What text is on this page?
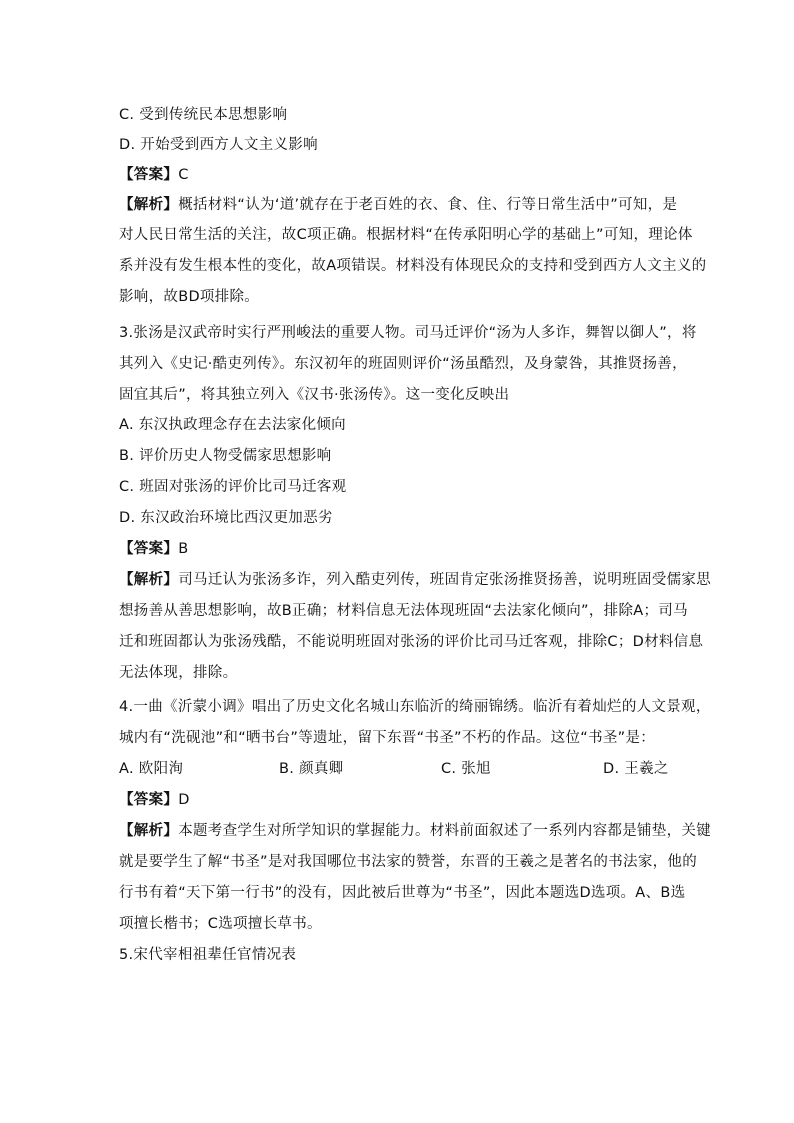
C. 受到传统民本思想影响
D. 开始受到西方人文主义影响
【答案】C
【解析】概括材料“认为‘道’就存在于老百姓的衣、食、住、行等日常生活中”可知，是
对人民日常生活的关注，故C项正确。根据材料“在传承阳明心学的基础上”可知，理论体
系并没有发生根本性的变化，故A项错误。材料没有体现民众的支持和受到西方人文主义的
影响，故BD项排除。
3.张汤是汉武帝时实行严刑峻法的重要人物。司马迁评价“汤为人多诈，舞智以御人”，将
其列入《史记·酷吏列传》。东汉初年的班固则评价“汤虽酷烈，及身蒙咎，其推贤扬善，
固宜其后”，将其独立列入《汉书·张汤传》。这一变化反映出
A. 东汉执政理念存在去法家化倾向
B. 评价历史人物受儒家思想影响
C. 班固对张汤的评价比司马迁客观
D. 东汉政治环境比西汉更加恶劣
【答案】B
【解析】司马迁认为张汤多诈，列入酷吏列传，班固肯定张汤推贤扬善，说明班固受儒家思
想扬善从善思想影响，故B正确；材料信息无法体现班固“去法家化倾向”，排除A；司马
迁和班固都认为张汤残酷，不能说明班固对张汤的评价比司马迁客观，排除C；D材料信息
无法体现，排除。
4.一曲《沂蒙小调》唱出了历史文化名城山东临沂的绮丽锦绣。临沂有着灿烂的人文景观，
城内有“洗砚池”和“晒书台”等遗址，留下东晋“书圣”不朽的作品。这位“书圣”是：
A. 欧阳洵	B. 颜真卿	C. 张旭	D. 王羲之
【答案】D
【解析】本题考查学生对所学知识的掌握能力。材料前面叙述了一系列内容都是铺垫，关键
就是要学生了解“书圣”是对我国哪位书法家的赞誉，东晋的王羲之是著名的书法家，他的
行书有着“天下第一行书”的没有，因此被后世尊为“书圣”，因此本题选D选项。A、B选
项擅长楷书；C选项擅长草书。
5.宋代宰相祖辈任官情况表
